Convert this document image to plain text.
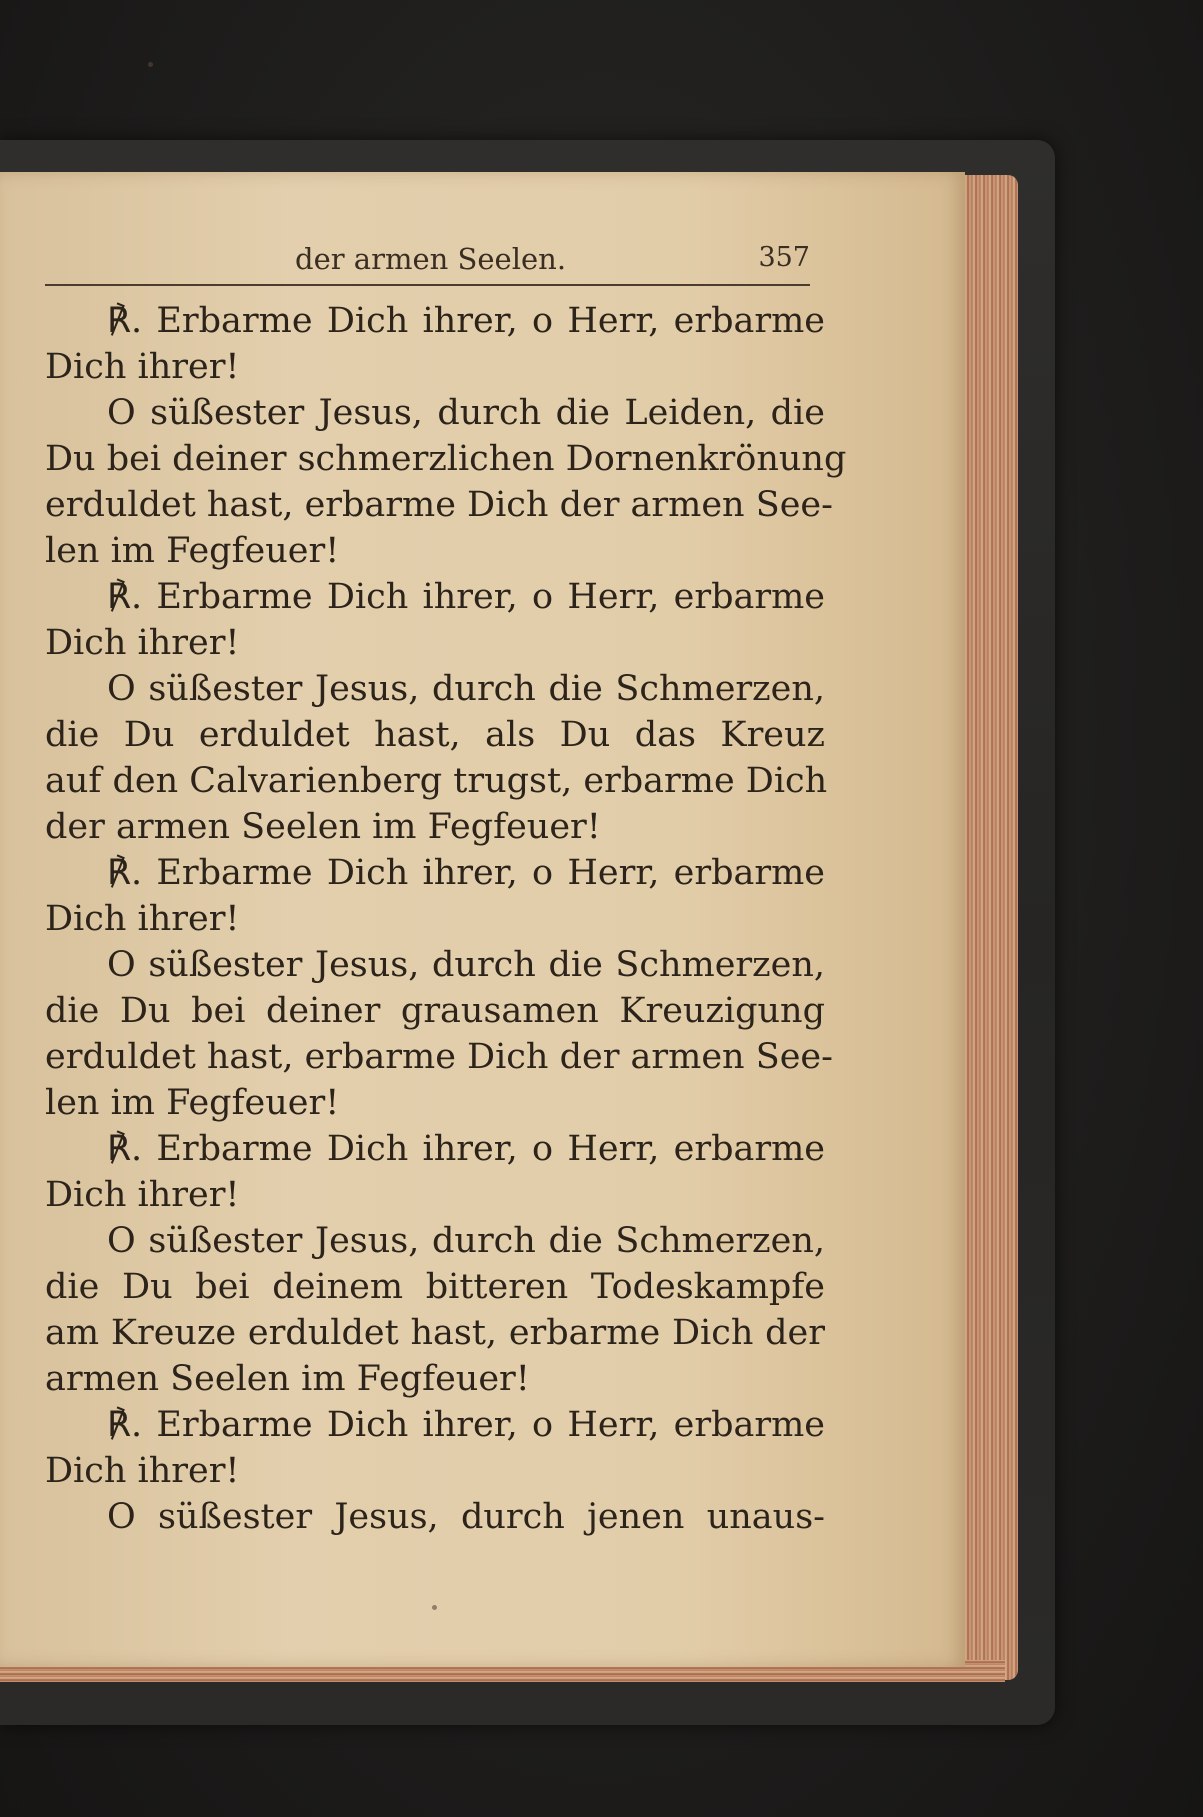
der armen Seelen.	357
℟. Erbarme Dich ihrer, o Herr, erbarme
Dich ihrer!
O süßester Jesus, durch die Leiden, die
Du bei deiner schmerzlichen Dornenkrönung
erduldet hast, erbarme Dich der armen See-
len im Fegfeuer!
℟. Erbarme Dich ihrer, o Herr, erbarme
Dich ihrer!
O süßester Jesus, durch die Schmerzen,
die Du erduldet hast, als Du das Kreuz
auf den Calvarienberg trugst, erbarme Dich
der armen Seelen im Fegfeuer!
℟. Erbarme Dich ihrer, o Herr, erbarme
Dich ihrer!
O süßester Jesus, durch die Schmerzen,
die Du bei deiner grausamen Kreuzigung
erduldet hast, erbarme Dich der armen See-
len im Fegfeuer!
℟. Erbarme Dich ihrer, o Herr, erbarme
Dich ihrer!
O süßester Jesus, durch die Schmerzen,
die Du bei deinem bitteren Todeskampfe
am Kreuze erduldet hast, erbarme Dich der
armen Seelen im Fegfeuer!
℟. Erbarme Dich ihrer, o Herr, erbarme
Dich ihrer!
O süßester Jesus, durch jenen unaus-
